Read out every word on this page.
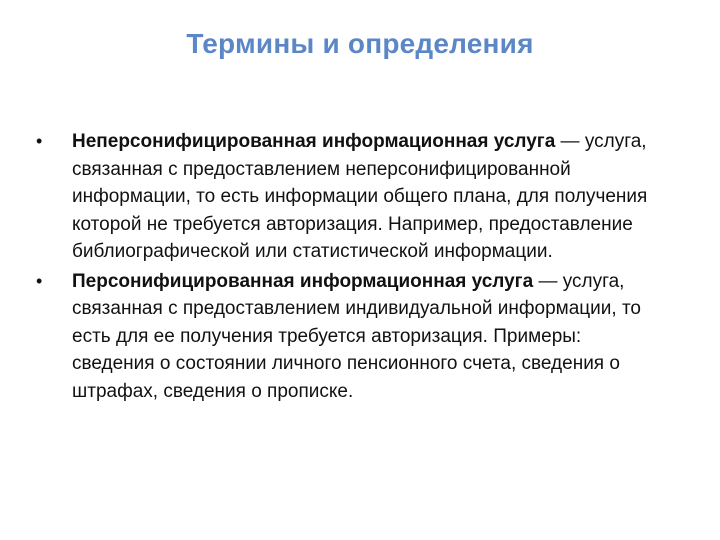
Термины и определения
•	Неперсонифицированная информационная услуга — услуга, связанная с предоставлением неперсонифицированной информации, то есть информации общего плана, для получения которой не требуется авторизация. Например, предоставление библиографической или статистической информации.
•	Персонифицированная информационная услуга — услуга, связанная с предоставлением индивидуальной информации, то есть для ее получения требуется авторизация. Примеры: сведения о состоянии личного пенсионного счета, сведения о штрафах, сведения о прописке.
